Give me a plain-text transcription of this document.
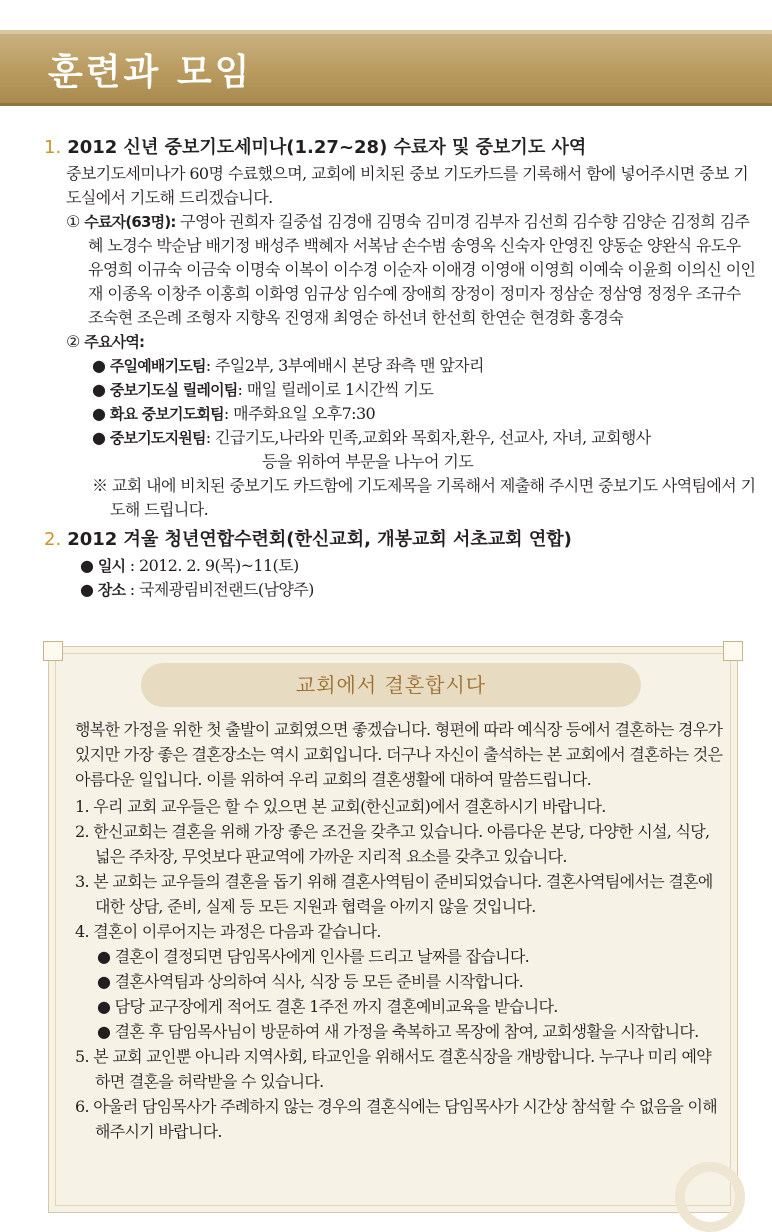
훈련과 모임
1. 2012 신년 중보기도세미나(1.27~28) 수료자 및 중보기도 사역
중보기도세미나가 60명 수료했으며, 교회에 비치된 중보 기도카드를 기록해서 함에 넣어주시면 중보 기도실에서 기도해 드리겠습니다.
① 수료자(63명): 구영아 권희자 길중섭 김경애 김명숙 김미경 김부자 김선희 김수향 김양순 김정희 김주혜 노경수 박순남 배기정 배성주 백혜자 서복남 손수범 송영옥 신숙자 안영진 양동순 양완식 유도우 유영희 이규숙 이금숙 이명숙 이복이 이수경 이순자 이애경 이영애 이영희 이예숙 이윤희 이의신 이인재 이종옥 이창주 이홍희 이화영 임규상 임수예 장애희 장정이 정미자 정삼순 정삼영 정정우 조규수 조숙현 조은례 조형자 지향옥 진영재 최영순 하선녀 한선희 한연순 현경화 홍경숙
② 주요사역:
● 주일예배기도팀: 주일2부, 3부예배시 본당 좌측 맨 앞자리
● 중보기도실 릴레이팀: 매일 릴레이로 1시간씩 기도
● 화요 중보기도회팀: 매주화요일 오후7:30
● 중보기도지원팀: 긴급기도,나라와 민족,교회와 목회자,환우, 선교사, 자녀, 교회행사
등을 위하여 부문을 나누어 기도
※ 교회 내에 비치된 중보기도 카드함에 기도제목을 기록해서 제출해 주시면 중보기도 사역팀에서 기도해 드립니다.
2. 2012 겨울 청년연합수련회(한신교회, 개봉교회 서초교회 연합)
● 일시 : 2012. 2. 9(목)~11(토)
● 장소 : 국제광림비전랜드(남양주)
교회에서 결혼합시다
행복한 가정을 위한 첫 출발이 교회였으면 좋겠습니다. 형편에 따라 예식장 등에서 결혼하는 경우가 있지만 가장 좋은 결혼장소는 역시 교회입니다. 더구나 자신이 출석하는 본 교회에서 결혼하는 것은 아름다운 일입니다. 이를 위하여 우리 교회의 결혼생활에 대하여 말씀드립니다.
1. 우리 교회 교우들은 할 수 있으면 본 교회(한신교회)에서 결혼하시기 바랍니다.
2. 한신교회는 결혼을 위해 가장 좋은 조건을 갖추고 있습니다. 아름다운 본당, 다양한 시설, 식당, 넓은 주차장, 무엇보다 판교역에 가까운 지리적 요소를 갖추고 있습니다.
3. 본 교회는 교우들의 결혼을 돕기 위해 결혼사역팀이 준비되었습니다. 결혼사역팀에서는 결혼에 대한 상담, 준비, 실제 등 모든 지원과 협력을 아끼지 않을 것입니다.
4. 결혼이 이루어지는 과정은 다음과 같습니다.
● 결혼이 결정되면 담임목사에게 인사를 드리고 날짜를 잡습니다.
● 결혼사역팀과 상의하여 식사, 식장 등 모든 준비를 시작합니다.
● 담당 교구장에게 적어도 결혼 1주전 까지 결혼예비교육을 받습니다.
● 결혼 후 담임목사님이 방문하여 새 가정을 축복하고 목장에 참여, 교회생활을 시작합니다.
5. 본 교회 교인뿐 아니라 지역사회, 타교인을 위해서도 결혼식장을 개방합니다. 누구나 미리 예약하면 결혼을 허락받을 수 있습니다.
6. 아울러 담임목사가 주례하지 않는 경우의 결혼식에는 담임목사가 시간상 참석할 수 없음을 이해해주시기 바랍니다.
